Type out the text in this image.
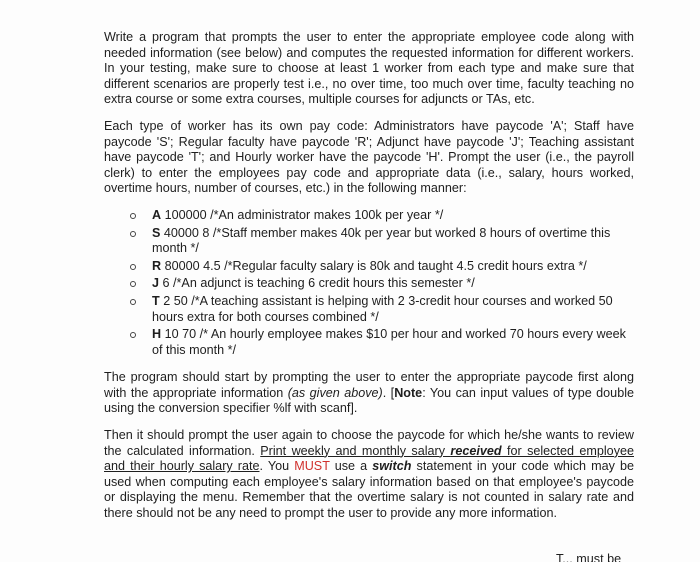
Write a program that prompts the user to enter the appropriate employee code along with needed information (see below) and computes the requested information for different workers. In your testing, make sure to choose at least 1 worker from each type and make sure that different scenarios are properly test i.e., no over time, too much over time, faculty teaching no extra course or some extra courses, multiple courses for adjuncts or TAs, etc.

Each type of worker has its own pay code: Administrators have paycode 'A'; Staff have paycode 'S'; Regular faculty have paycode 'R'; Adjunct have paycode 'J'; Teaching assistant have paycode 'T'; and Hourly worker have the paycode 'H'. Prompt the user (i.e., the payroll clerk) to enter the employees pay code and appropriate data (i.e., salary, hours worked, overtime hours, number of courses, etc.) in the following manner:

A 100000 /*An administrator makes 100k per year */
S 40000 8 /*Staff member makes 40k per year but worked 8 hours of overtime this month */
R 80000 4.5 /*Regular faculty salary is 80k and taught 4.5 credit hours extra */
J 6 /*An adjunct is teaching 6 credit hours this semester */
T 2 50 /*A teaching assistant is helping with 2 3-credit hour courses and worked 50 hours extra for both courses combined */
H 10 70 /* An hourly employee makes $10 per hour and worked 70 hours every week of this month */

The program should start by prompting the user to enter the appropriate paycode first along with the appropriate information (as given above). [Note: You can input values of type double using the conversion specifier %lf with scanf].

Then it should prompt the user again to choose the paycode for which he/she wants to review the calculated information. Print weekly and monthly salary received for selected employee and their hourly salary rate. You MUST use a switch statement in your code which may be used when computing each employee's salary information based on that employee's paycode or displaying the menu. Remember that the overtime salary is not counted in salary rate and there should not be any need to prompt the user to provide any more information.

T... must be
